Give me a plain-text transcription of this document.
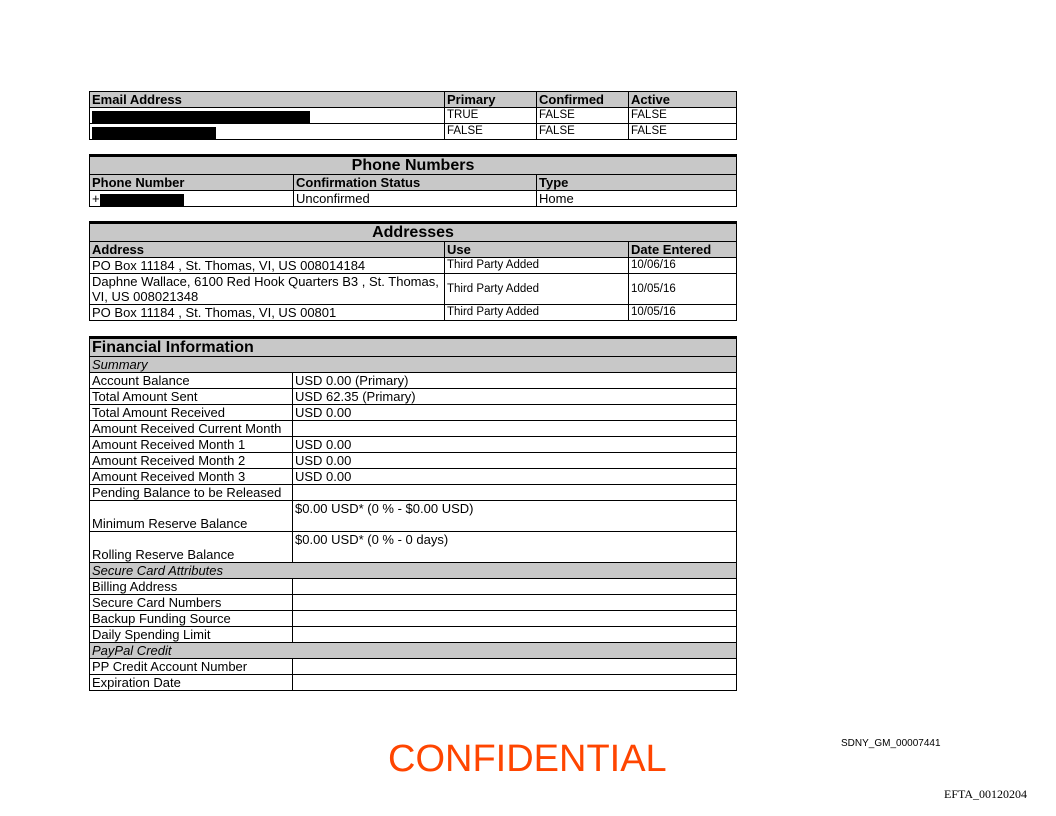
Email Address	Primary	Confirmed	Active
	TRUE	FALSE	FALSE
	FALSE	FALSE	FALSE
Phone Numbers		
Phone Number	Confirmation Status	Type
+	Unconfirmed	Home
Addresses		
Address	Use	Date Entered
PO Box 11184 , St. Thomas, VI, US 008014184	Third Party Added	10/06/16
Daphne Wallace, 6100 Red Hook Quarters B3 , St. Thomas, VI, US 008021348	Third Party Added	10/05/16
PO Box 11184 , St. Thomas, VI, US 00801	Third Party Added	10/05/16
Financial Information	
Summary	
Account Balance	USD 0.00 (Primary)
Total Amount Sent	USD 62.35 (Primary)
Total Amount Received	USD 0.00
Amount Received Current Month	
Amount Received Month 1	USD 0.00
Amount Received Month 2	USD 0.00
Amount Received Month 3	USD 0.00
Pending Balance to be Released	
Minimum Reserve Balance	$0.00 USD* (0 % - $0.00 USD)
Rolling Reserve Balance	$0.00 USD* (0 % - 0 days)
Secure Card Attributes	
Billing Address	
Secure Card Numbers	
Backup Funding Source	
Daily Spending Limit	
PayPal Credit	
PP Credit Account Number	
Expiration Date	
CONFIDENTIAL	SDNY_GM_00007441
EFTA_00120204
